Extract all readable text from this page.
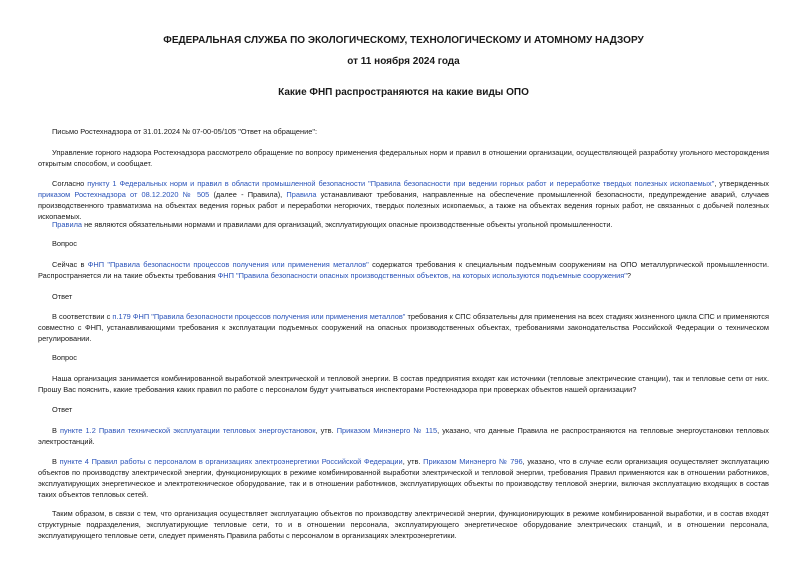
ФЕДЕРАЛЬНАЯ СЛУЖБА ПО ЭКОЛОГИЧЕСКОМУ, ТЕХНОЛОГИЧЕСКОМУ И АТОМНОМУ НАДЗОРУ
от 11 ноября 2024 года
Какие ФНП распространяются на какие виды ОПО
Письмо Ростехнадзора от 31.01.2024 № 07-00-05/105 "Ответ на обращение":
Управление горного надзора Ростехнадзора рассмотрело обращение по вопросу применения федеральных норм и правил в отношении организации, осуществляющей разработку угольного месторождения открытым способом, и сообщает.
Согласно пункту 1 Федеральных норм и правил в области промышленной безопасности "Правила безопасности при ведении горных работ и переработке твердых полезных ископаемых", утвержденных приказом Ростехнадзора от 08.12.2020 № 505 (далее - Правила), Правила устанавливают требования, направленные на обеспечение промышленной безопасности, предупреждение аварий, случаев производственного травматизма на объектах ведения горных работ и переработки негорючих, твердых полезных ископаемых, а также на объектах ведения горных работ, не связанных с добычей полезных ископаемых.
Правила не являются обязательными нормами и правилами для организаций, эксплуатирующих опасные производственные объекты угольной промышленности.
Вопрос
Сейчас в ФНП "Правила безопасности процессов получения или применения металлов" содержатся требования к специальным подъемным сооружениям на ОПО металлургической промышленности. Распространяется ли на такие объекты требования ФНП "Правила безопасности опасных производственных объектов, на которых используются подъемные сооружения"?
Ответ
В соответствии с п.179 ФНП "Правила безопасности процессов получения или применения металлов" требования к СПС обязательны для применения на всех стадиях жизненного цикла СПС и применяются совместно с ФНП, устанавливающими требования к эксплуатации подъемных сооружений на опасных производственных объектах, требованиями законодательства Российской Федерации о техническом регулировании.
Вопрос
Наша организация занимается комбинированной выработкой электрической и тепловой энергии. В состав предприятия входят как источники (тепловые электрические станции), так и тепловые сети от них. Прошу Вас пояснить, какие требования каких правил по работе с персоналом будут учитываться инспекторами Ростехнадзора при проверках объектов нашей организации?
Ответ
В пункте 1.2 Правил технической эксплуатации тепловых энергоустановок, утв. Приказом Минэнерго № 115, указано, что данные Правила не распространяются на тепловые энергоустановки тепловых электростанций.
В пункте 4 Правил работы с персоналом в организациях электроэнергетики Российской Федерации, утв. Приказом Минэнерго № 796, указано, что в случае если организация осуществляет эксплуатацию объектов по производству электрической энергии, функционирующих в режиме комбинированной выработки электрической и тепловой энергии, требования Правил применяются как в отношении работников, эксплуатирующих энергетическое и электротехническое оборудование, так и в отношении работников, эксплуатирующих объекты по производству тепловой энергии, включая эксплуатацию входящих в состав таких объектов тепловых сетей.
Таким образом, в связи с тем, что организация осуществляет эксплуатацию объектов по производству электрической энергии, функционирующих в режиме комбинированной выработки, и в состав входят структурные подразделения, эксплуатирующие тепловые сети, то и в отношении персонала, эксплуатирующего энергетическое оборудование электрических станций, и в отношении персонала, эксплуатирующего тепловые сети, следует применять Правила работы с персоналом в организациях электроэнергетики.
